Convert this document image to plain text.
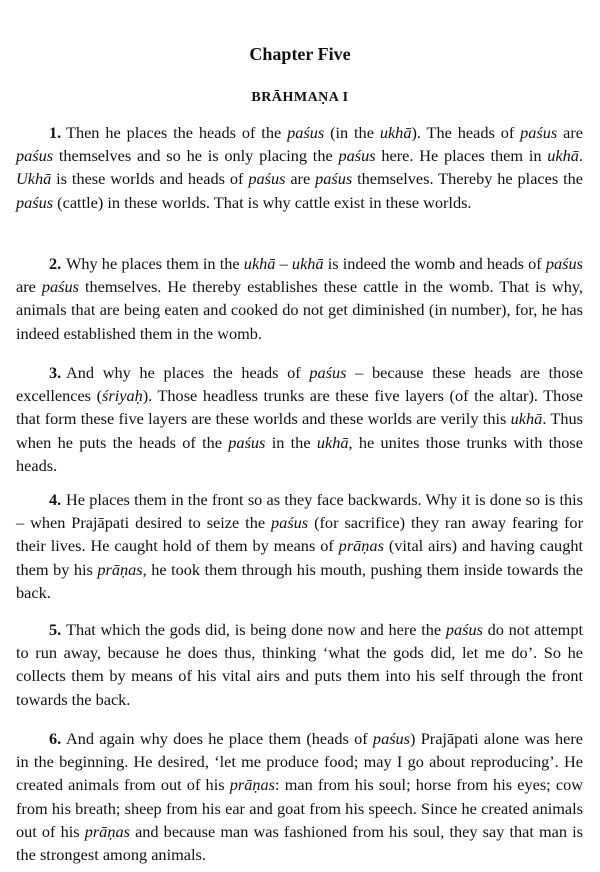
Chapter Five
BRĀHMAṆA I

1. Then he places the heads of the paśus (in the ukhā). The heads of paśus are paśus themselves and so he is only placing the paśus here. He places them in ukhā. Ukhā is these worlds and heads of paśus are paśus themselves. Thereby he places the paśus (cattle) in these worlds. That is why cattle exist in these worlds.

2. Why he places them in the ukhā – ukhā is indeed the womb and heads of paśus are paśus themselves. He thereby establishes these cattle in the womb. That is why, animals that are being eaten and cooked do not get diminished (in number), for, he has indeed established them in the womb.

3. And why he places the heads of paśus – because these heads are those excellences (śriyaḥ). Those headless trunks are these five layers (of the altar). Those that form these five layers are these worlds and these worlds are verily this ukhā. Thus when he puts the heads of the paśus in the ukhā, he unites those trunks with those heads.

4. He places them in the front so as they face backwards. Why it is done so is this – when Prajāpati desired to seize the paśus (for sacrifice) they ran away fearing for their lives. He caught hold of them by means of prāṇas (vital airs) and having caught them by his prāṇas, he took them through his mouth, pushing them inside towards the back.

5. That which the gods did, is being done now and here the paśus do not attempt to run away, because he does thus, thinking ‘what the gods did, let me do’. So he collects them by means of his vital airs and puts them into his self through the front towards the back.

6. And again why does he place them (heads of paśus) Prajāpati alone was here in the beginning. He desired, ‘let me produce food; may I go about reproducing’. He created animals from out of his prāṇas: man from his soul; horse from his eyes; cow from his breath; sheep from his ear and goat from his speech. Since he created animals out of his prāṇas and because man was fashioned from his soul, they say that man is the strongest among animals.
